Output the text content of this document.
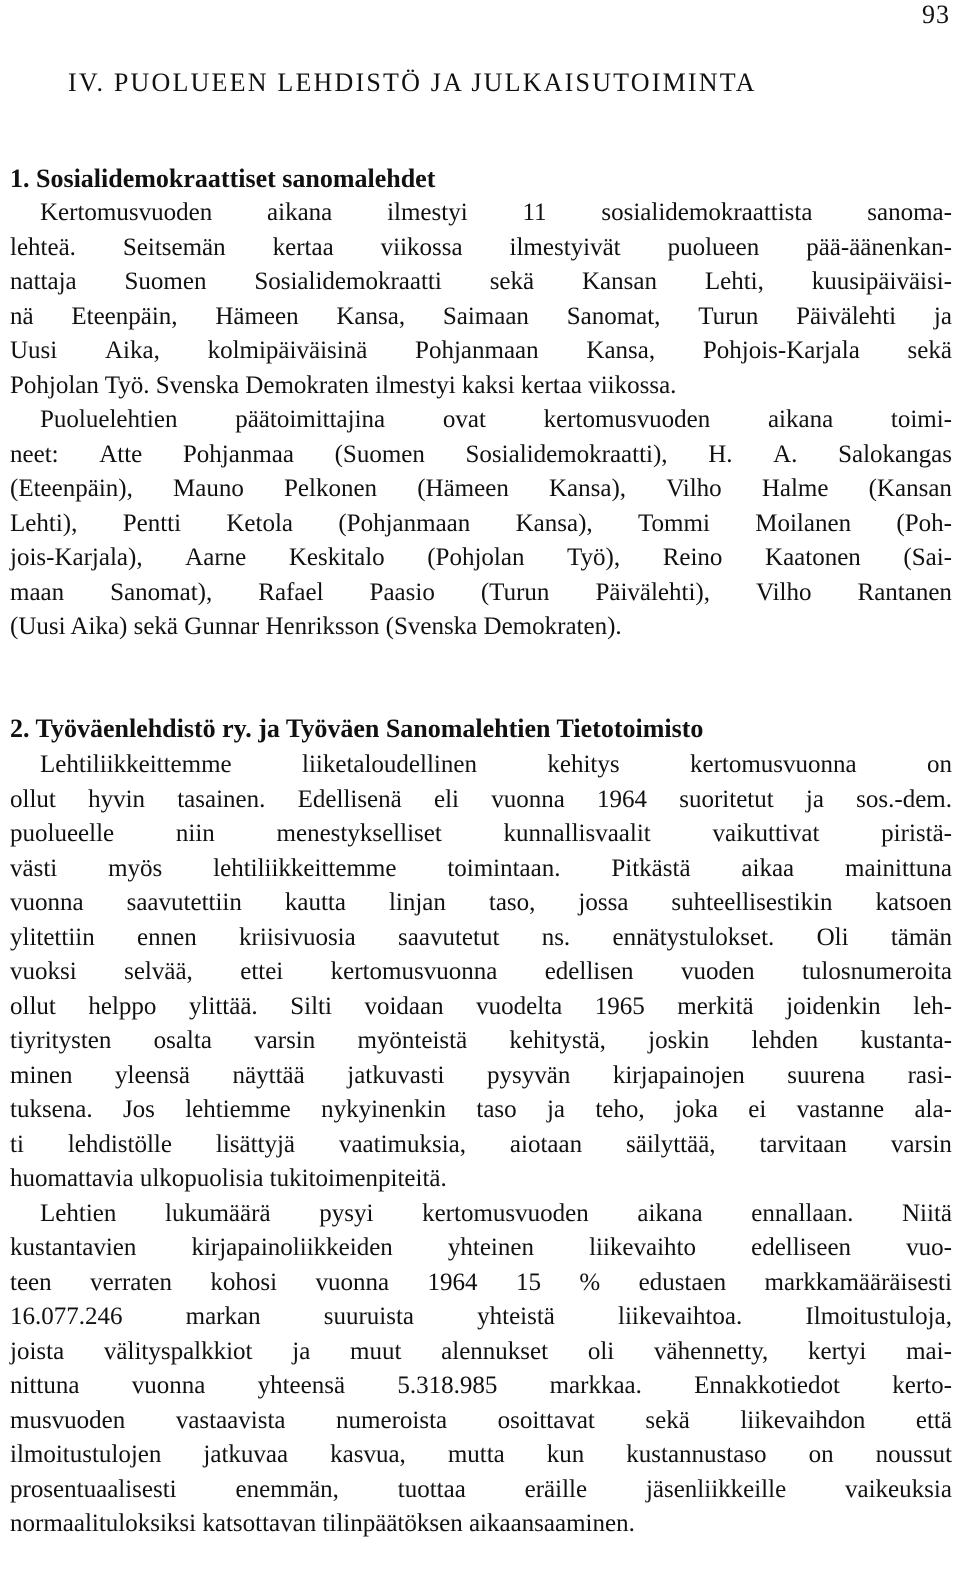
93
IV. PUOLUEEN LEHDISTÖ JA JULKAISUTOIMINTA
1. Sosialidemokraattiset sanomalehdet
Kertomusvuoden aikana ilmestyi 11 sosialidemokraattista sanoma-
lehteä. Seitsemän kertaa viikossa ilmestyivät puolueen pää-äänenkan-
nattaja Suomen Sosialidemokraatti sekä Kansan Lehti, kuusipäiväisi-
nä Eteenpäin, Hämeen Kansa, Saimaan Sanomat, Turun Päivälehti ja
Uusi Aika, kolmipäiväisinä Pohjanmaan Kansa, Pohjois-Karjala sekä
Pohjolan Työ. Svenska Demokraten ilmestyi kaksi kertaa viikossa.
Puoluelehtien päätoimittajina ovat kertomusvuoden aikana toimi-
neet: Atte Pohjanmaa (Suomen Sosialidemokraatti), H. A. Salokangas
(Eteenpäin), Mauno Pelkonen (Hämeen Kansa), Vilho Halme (Kansan
Lehti), Pentti Ketola (Pohjanmaan Kansa), Tommi Moilanen (Poh-
jois-Karjala), Aarne Keskitalo (Pohjolan Työ), Reino Kaatonen (Sai-
maan Sanomat), Rafael Paasio (Turun Päivälehti), Vilho Rantanen
(Uusi Aika) sekä Gunnar Henriksson (Svenska Demokraten).
2. Työväenlehdistö ry. ja Työväen Sanomalehtien Tietotoimisto
Lehtiliikkeittemme	liiketaloudellinen	kehitys	kertomusvuonna	on
ollut hyvin tasainen. Edellisenä eli vuonna 1964 suoritetut ja sos.-dem.
puolueelle niin menestykselliset kunnallisvaalit vaikuttivat piristä-
västi myös lehtiliikkeittemme toimintaan. Pitkästä aikaa mainittuna
vuonna saavutettiin kautta linjan taso, jossa suhteellisestikin katsoen
ylitettiin ennen kriisivuosia saavutetut ns. ennätystulokset. Oli tämän
vuoksi selvää, ettei kertomusvuonna edellisen vuoden tulosnumeroita
ollut helppo ylittää. Silti voidaan vuodelta 1965 merkitä joidenkin leh-
tiyritysten osalta varsin myönteistä kehitystä, joskin lehden kustanta-
minen yleensä näyttää jatkuvasti pysyvän kirjapainojen suurena rasi-
tuksena. Jos lehtiemme nykyinenkin taso ja teho, joka ei vastanne ala-
ti lehdistölle lisättyjä vaatimuksia, aiotaan säilyttää, tarvitaan varsin
huomattavia ulkopuolisia tukitoimenpiteitä.
Lehtien lukumäärä pysyi kertomusvuoden aikana ennallaan. Niitä
kustantavien kirjapainoliikkeiden yhteinen liikevaihto edelliseen vuo-
teen verraten kohosi vuonna 1964 15 % edustaen markkamääräisesti
16.077.246	markan	suuruista	yhteistä	liikevaihtoa.	Ilmoitustuloja,
joista välityspalkkiot ja muut alennukset oli vähennetty, kertyi mai-
nittuna vuonna yhteensä 5.318.985 markkaa. Ennakkotiedot kerto-
musvuoden vastaavista numeroista osoittavat sekä liikevaihdon että
ilmoitustulojen jatkuvaa kasvua, mutta kun kustannustaso on noussut
prosentuaalisesti enemmän, tuottaa eräille jäsenliikkeille vaikeuksia
normaalituloksiksi katsottavan tilinpäätöksen aikaansaaminen.
